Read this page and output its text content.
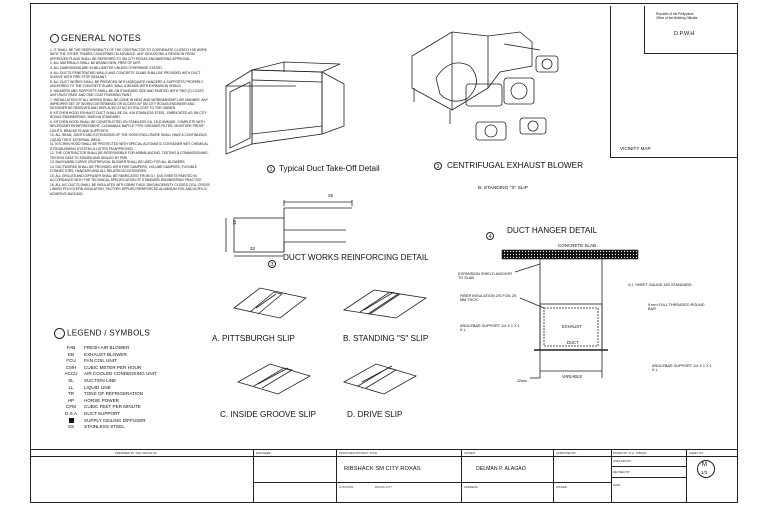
GENERAL NOTES

1. IT SHALL BE THE RESPONSIBILITY OF THE CONTRACTOR TO COORDINATE CLOSELY HIS WORK WITH THE OTHER TRADES CONCERNED IN ADVANCE. ANY DEVIATIONS & REVISION FROM APPROVED PLANS SHALL BE REFERRED TO SM CITY ROXAS ENGINEERING APPROVAL.

2. ALL MATERIALS SHALL BE BRAND NEW, FREE OF DIRT.

3. ALL DIMENSIONS ARE IN MILLIMETER UNLESS OTHERWISE STATED.

4. ALL DUCTS PENETRATING WALLS AND CONCRETE SLABS SHALL BE PROVIDED WITH DUCT SLEEVE WITH FIRE STOP SEALANT.

5. ALL DUCT WORKS SHALL BE PROVIDED WITH ADEQUATE HANGERS & SUPPORTS PROPERLY ANCHORED TO THE CONCRETE SLABS, WALL & BEAMS WITH EXPANSION SHIELD.

6. HANGERS AND SUPPORTS SHALL BE ON STANDARD SIZE AND PAINTED WITH TWO (2) COATS ANTI-RUST PAINT AND ONE COAT FINISHING PAINT.

7. INSTALLATION OF ALL WORKS SHALL BE DONE IN NEAT AND WORKMANSHIP LIKE MANNER. ANY IMPROPER SET OF WORKS DETERMINED OR ACCESS BY SM CITY ROXAS ENGINEER AND DESIGNER BE REMOVED AND REPLACED AT NO EXTRA COST TO THE OWNER.

8. KITCHEN HOOD EXHAUST DUCT SHALL BE GA. #16 STAINLESS STEEL, FABRICATED AS SM CITY ROXAS ENGINEERING / BIMCHA STANDARD.

9. KITCHEN HOOD SHALL BE CONSTRUCTED ON STAINLESS GA. 18 (0.5MM)GE. COMPLETE WITH NECESSARY REINFORCEMENT, CLEANABLE BAFFLE TYPE GREASES FILTER, MOISTURE PROOF LIGHTS, BRACKETS AND SUPPORTS.

10. ALL SEAM, JOINTS AND EXTENSIONS OF THE HOOD ENCLOSURE SHALL HAVE A CONTINUOUS LIQUID TIGHT EXTERNAL WELD.

11. KITCHEN HOOD SHALL BE PROTECTED WITH SPECIAL AUTOMATIC CONTAINER WET CHEMICAL EXTINGUISHING SYSTEM UL LISTED FM APPROVED.

12. THE CONTRACTOR SHALL BE RESPONSIBLE FOR AIRBALANCING, TESTING & COMMISSIONING, TESTING DATA TO SIGNED AND SEALED BY PME.

13. BACKWARD CURVE CENTRIFUGAL BLOWER SHALL BE USED FOR ALL BLOWERS.

14. DUCTWORKS SHALL BE PROVIDED WITH FIRE DAMPERS, VOLUME DAMPERS, FLEXIBLE CONNECTORS, HANGERS AND ALL RELATED ACCESSORIES.

15. ALL GRILLES AND DIFFUSER SHALL BE FABRICATED FROM G.I. (0.8) SHEETS PAINTED IN ACCORDANCE WITH THE TECHNICAL SPECIFICATION OF STANDARD ENGINEERING PRACTICE.

16. ALL A/C DUCTS SHALL BE INSULATED WITH 25MM THICK 28KG/M DENSITY CLOSED CELL CROSS LINKED POLYOLEFIN INSULATION, FACTORY APPLIED REINFORCED ALUMINUM FOIL AND ACRYLIC ADHESIVE BACKING.

LEGEND / SYMBOLS
FAB FRESH AIR BLOWER
EB EXHAUST BLOWER
FCU FAN COIL UNIT
CMH CUBIC METER PER HOUR
ACCU AIR COOLED CONDENSING UNIT
SL SUCTION LINE
LL LIQUID LINE
TR TONS OF REFRIGERATION
HP HORSE POWER
CFM CUBIC FEET PER MINUTE
D.S.A DUCT SUPPORT
SUPPLY CEILING DIFFUSER
SS STAINLESS STEEL
1 Typical Duct Take-Off Detail	2 CENTRIFUGAL EXHAUST BLOWER
B. STANDING "S" SLIP
Republic of the Philippines
Office of the Building Officials
D.P.W.H
VICINITY MAP
25
12
32
3
DUCT WORKS REINFORCING DETAIL
A. PITTSBURGH SLIP	B. STANDING "S" SLIP
C. INSIDE GROOVE SLIP	D. DRIVE SLIP
4
DUCT HANGER DETAIL
CONCRETE SLAB
EXPANSION SHIELD ANCHOR TO SLAB
G.I. SHEET GAUGE #20 STANDARD
FIBER INSULATION 2/S FOIL 25 MM THCK.
9 mm FULL THREADED ROUND BAR
ANGLEBAR SUPPORT 1/4 X 1 X 1 X L
EXHAUST
DUCT
ANGLEBAR SUPPORT 1/4 X 1 X 1 X L
VARIABLE
32mm
PREPARED BY THE OFFICE OF:	ENGINEER:	PROPOSED PROJECT TITLE:	OWNER:	APPROVED BY:	DRAWN BY: R.A. TABARA	SHEET NO.:
RIBSHACK SM CITY ROXAS	DELMAN P. ALAGAO
CHECKED BY:
REVISED BY:
DATE:
LOCATION:	ROXAS CITY	ADDRESS:	OWNER:
M
1/3
